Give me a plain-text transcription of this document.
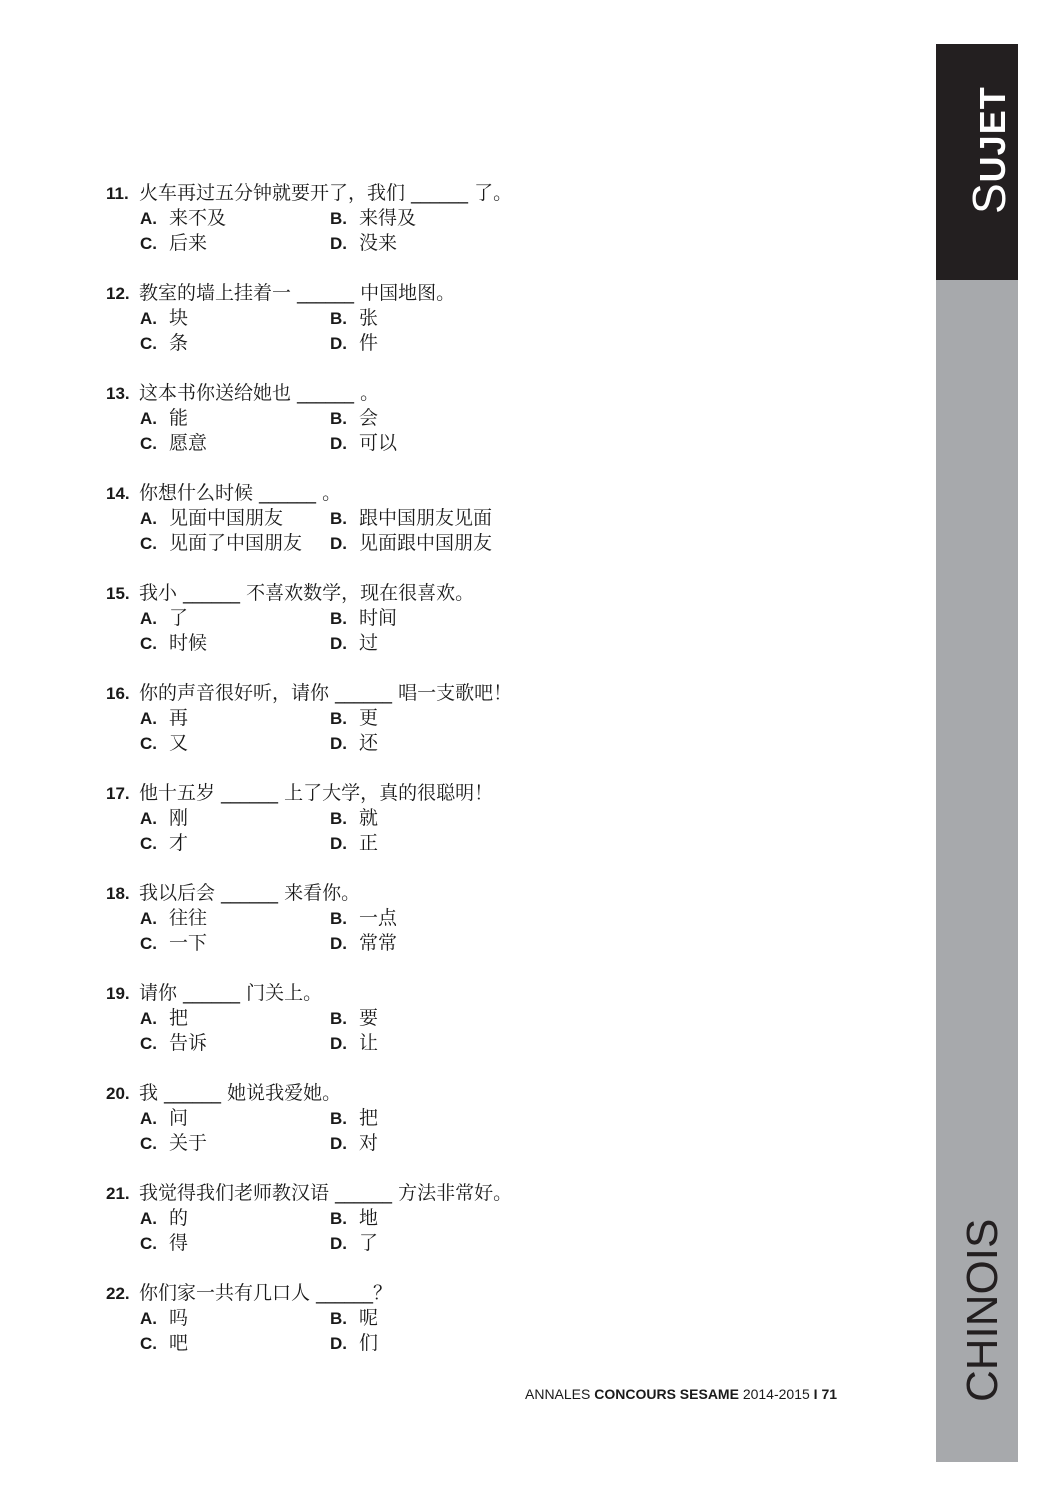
SUJET
CHINOIS
11. 火车再过五分钟就要开了，我们 ______ 了。
A. 来不及	B. 来得及
C. 后来	D. 没来
12. 教室的墙上挂着一 ______ 中国地图。
A. 块	B. 张
C. 条	D. 件
13. 这本书你送给她也 ______ 。
A. 能	B. 会
C. 愿意	D. 可以
14. 你想什么时候 ______ 。
A. 见面中国朋友	B. 跟中国朋友见面
C. 见面了中国朋友 D. 见面跟中国朋友
15. 我小 ______ 不喜欢数学，现在很喜欢。
A. 了	B. 时间
C. 时候	D. 过
16. 你的声音很好听，请你 ______ 唱一支歌吧！
A. 再	B. 更
C. 又	D. 还
17. 他十五岁 ______ 上了大学，真的很聪明！
A. 刚	B. 就
C. 才	D. 正
18. 我以后会 ______ 来看你。
A. 往往	B. 一点
C. 一下	D. 常常
19. 请你 ______ 门关上。
A. 把	B. 要
C. 告诉	D. 让
20. 我 ______ 她说我爱她。
A. 问	B. 把
C. 关于	D. 对
21. 我觉得我们老师教汉语 ______ 方法非常好。
A. 的	B. 地
C. 得	D. 了
22. 你们家一共有几口人 ______？
A. 吗	B. 呢
C. 吧	D. 们
ANNALES CONCOURS SESAME 2014-2015 I 71
